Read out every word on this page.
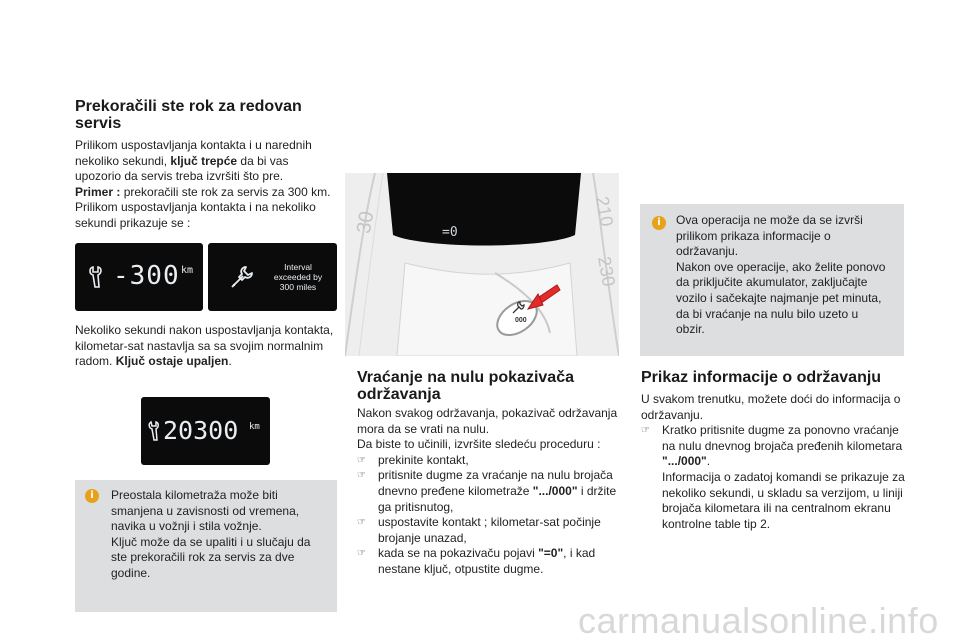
Prekoračili ste rok za redovan servis

Prilikom uspostavljanja kontakta i u narednih nekoliko sekundi, ključ trepće da bi vas upozorio da servis treba izvršiti što pre.

Primer : prekoračili ste rok za servis za 300 km. Prilikom uspostavljanja kontakta i na nekoliko sekundi prikazuje se :

-300 km	Interval
exceeded by
300 miles

Nekoliko sekundi nakon uspostavljanja kontakta, kilometar-sat nastavlja sa sa svojim normalnim radom. Ključ ostaje upaljen.

20300 km
i	Preostala kilometraža može biti
smanjena u zavisnosti od vremena,
navika u vožnji i stila vožnje.
Ključ može da se upaliti i u slučaju da
ste prekoračili rok za servis za dve
godine.
=0
30	210
230
000
Vraćanje na nulu pokazivača održavanja

Nakon svakog održavanja, pokazivač održavanja mora da se vrati na nulu.

Da biste to učinili, izvršite sledeću proceduru :

☞ prekinite kontakt,
☞ pritisnite dugme za vraćanje na nulu brojača dnevno pređene kilometraže ".../000" i držite ga pritisnutog,
☞ uspostavite kontakt ; kilometar-sat počinje brojanje unazad,
☞ kada se na pokazivaču pojavi "=0", i kad nestane ključ, otpustite dugme.
i	Ova operacija ne može da se izvrši
prilikom prikaza informacije o
održavanju.
Nakon ove operacije, ako želite ponovo
da priključite akumulator, zaključajte
vozilo i sačekajte najmanje pet minuta,
da bi vraćanje na nulu bilo uzeto u
obzir.
Prikaz informacije o održavanju

U svakom trenutku, možete doći do informacija o održavanju.

☞ Kratko pritisnite dugme za ponovno vraćanje na nulu dnevnog brojača pređenih kilometara ".../000".
Informacija o zadatoj komandi se prikazuje za nekoliko sekundi, u skladu sa verzijom, u liniji brojača kilometara ili na centralnom ekranu kontrolne table tip 2.
carmanualsonline.info
